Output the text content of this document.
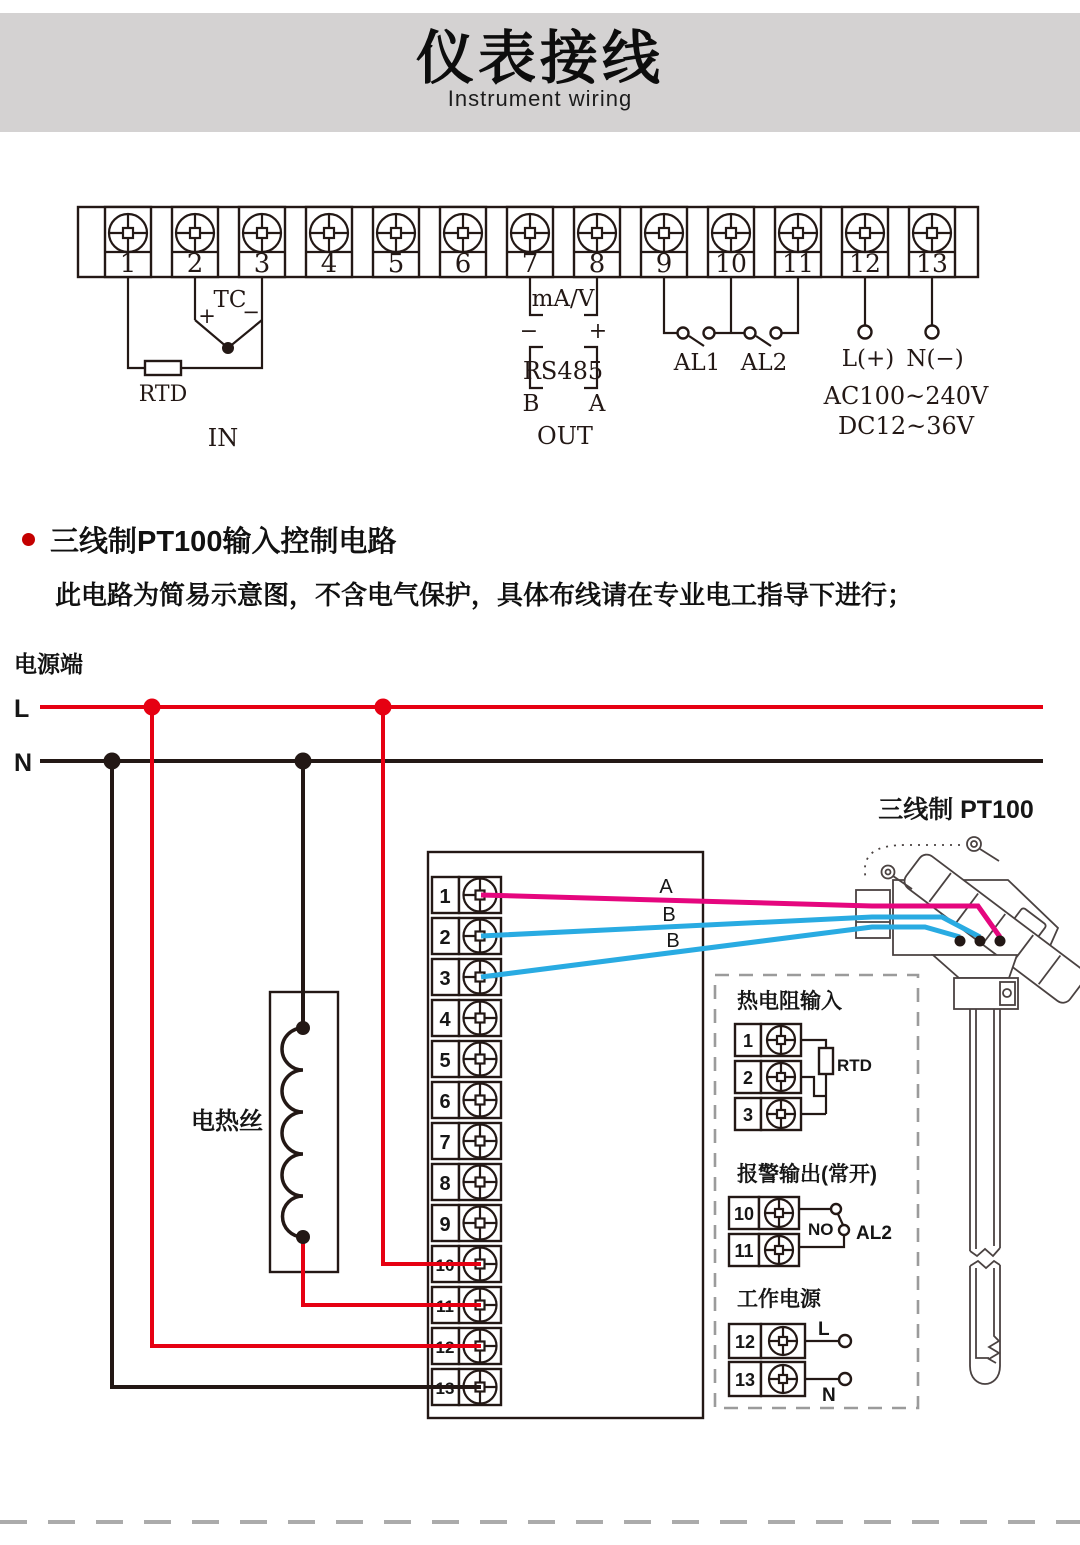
仪表接线
Instrument wiring
1 2 3 4 5 6 7 8 9 10 11 12 13
TC
+ −
RTD
IN
mA/V
− +
RS485
B A
OUT
AL1 AL2 L(+) N(−)
AC100~240V
DC12~36V
三线制PT100输入控制电路
此电路为简易示意图，不含电气保护，具体布线请在专业电工指导下进行；
电源端
电热丝
三线制 PT100
热电阻输入
1
2
3
RTD
报警输出(常开)
10
11
NO AL2
工作电源
12
13
L
N
1
2
3
4
5
6
7
8
9
10
11
12
13
L
N
A
B
B
